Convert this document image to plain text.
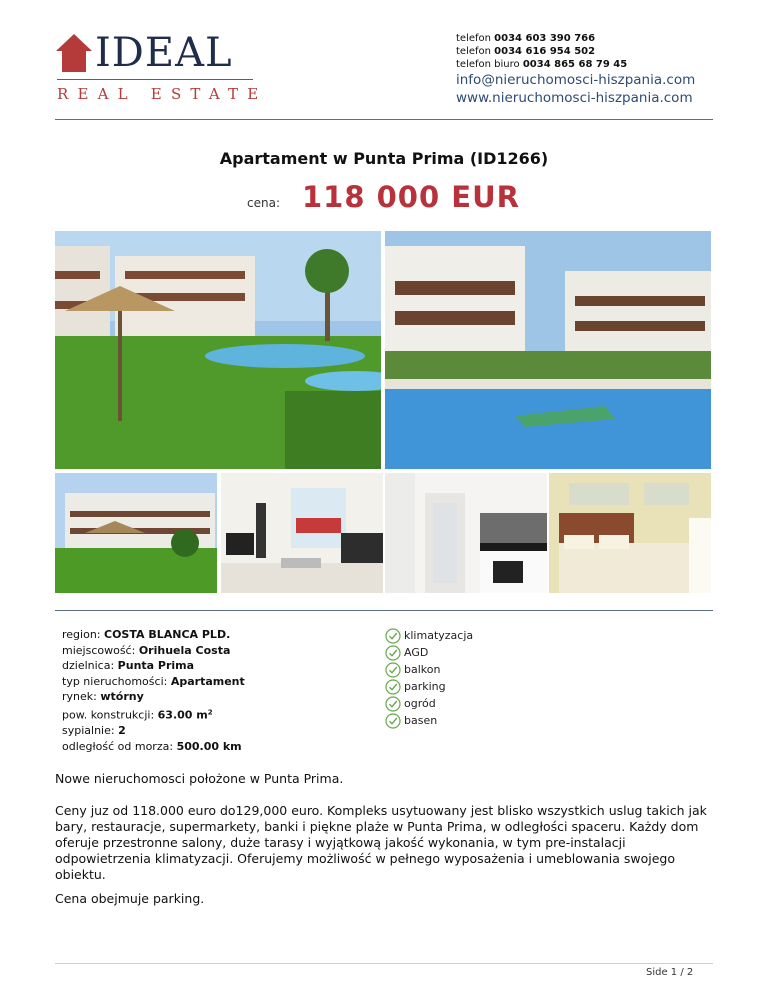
IDEAL
REAL ESTATE
telefon 0034 603 390 766
telefon 0034 616 954 502
telefon biuro 0034 865 68 79 45
info@nieruchomosci-hiszpania.com
www.nieruchomosci-hiszpania.com
Apartament w Punta Prima (ID1266)
cena: 118 000 EUR
region: COSTA BLANCA PLD.
miejscowość: Orihuela Costa
dzielnica: Punta Prima
typ nieruchomości: Apartament
rynek: wtórny
pow. konstrukcji: 63.00 $m^2$
sypialnie: 2
odległość od morza: 500.00 km
klimatyzacja
AGD
balkon
parking
ogród
basen
Nowe nieruchomosci położone w Punta Prima.
Ceny juz od 118.000 euro do129,000 euro. Kompleks usytuowany jest blisko wszystkich uslug takich jak bary, restauracje, supermarkety, banki i piękne plaże w Punta Prima, w odległości spaceru. Każdy dom oferuje przestronne salony, duże tarasy i wyjątkową jakość wykonania, w tym pre-instalacji odpowietrzenia klimatyzacji. Oferujemy możliwość w pełnego wyposażenia i umeblowania swojego obiektu.
Cena obejmuje parking.
Side 1 / 2
